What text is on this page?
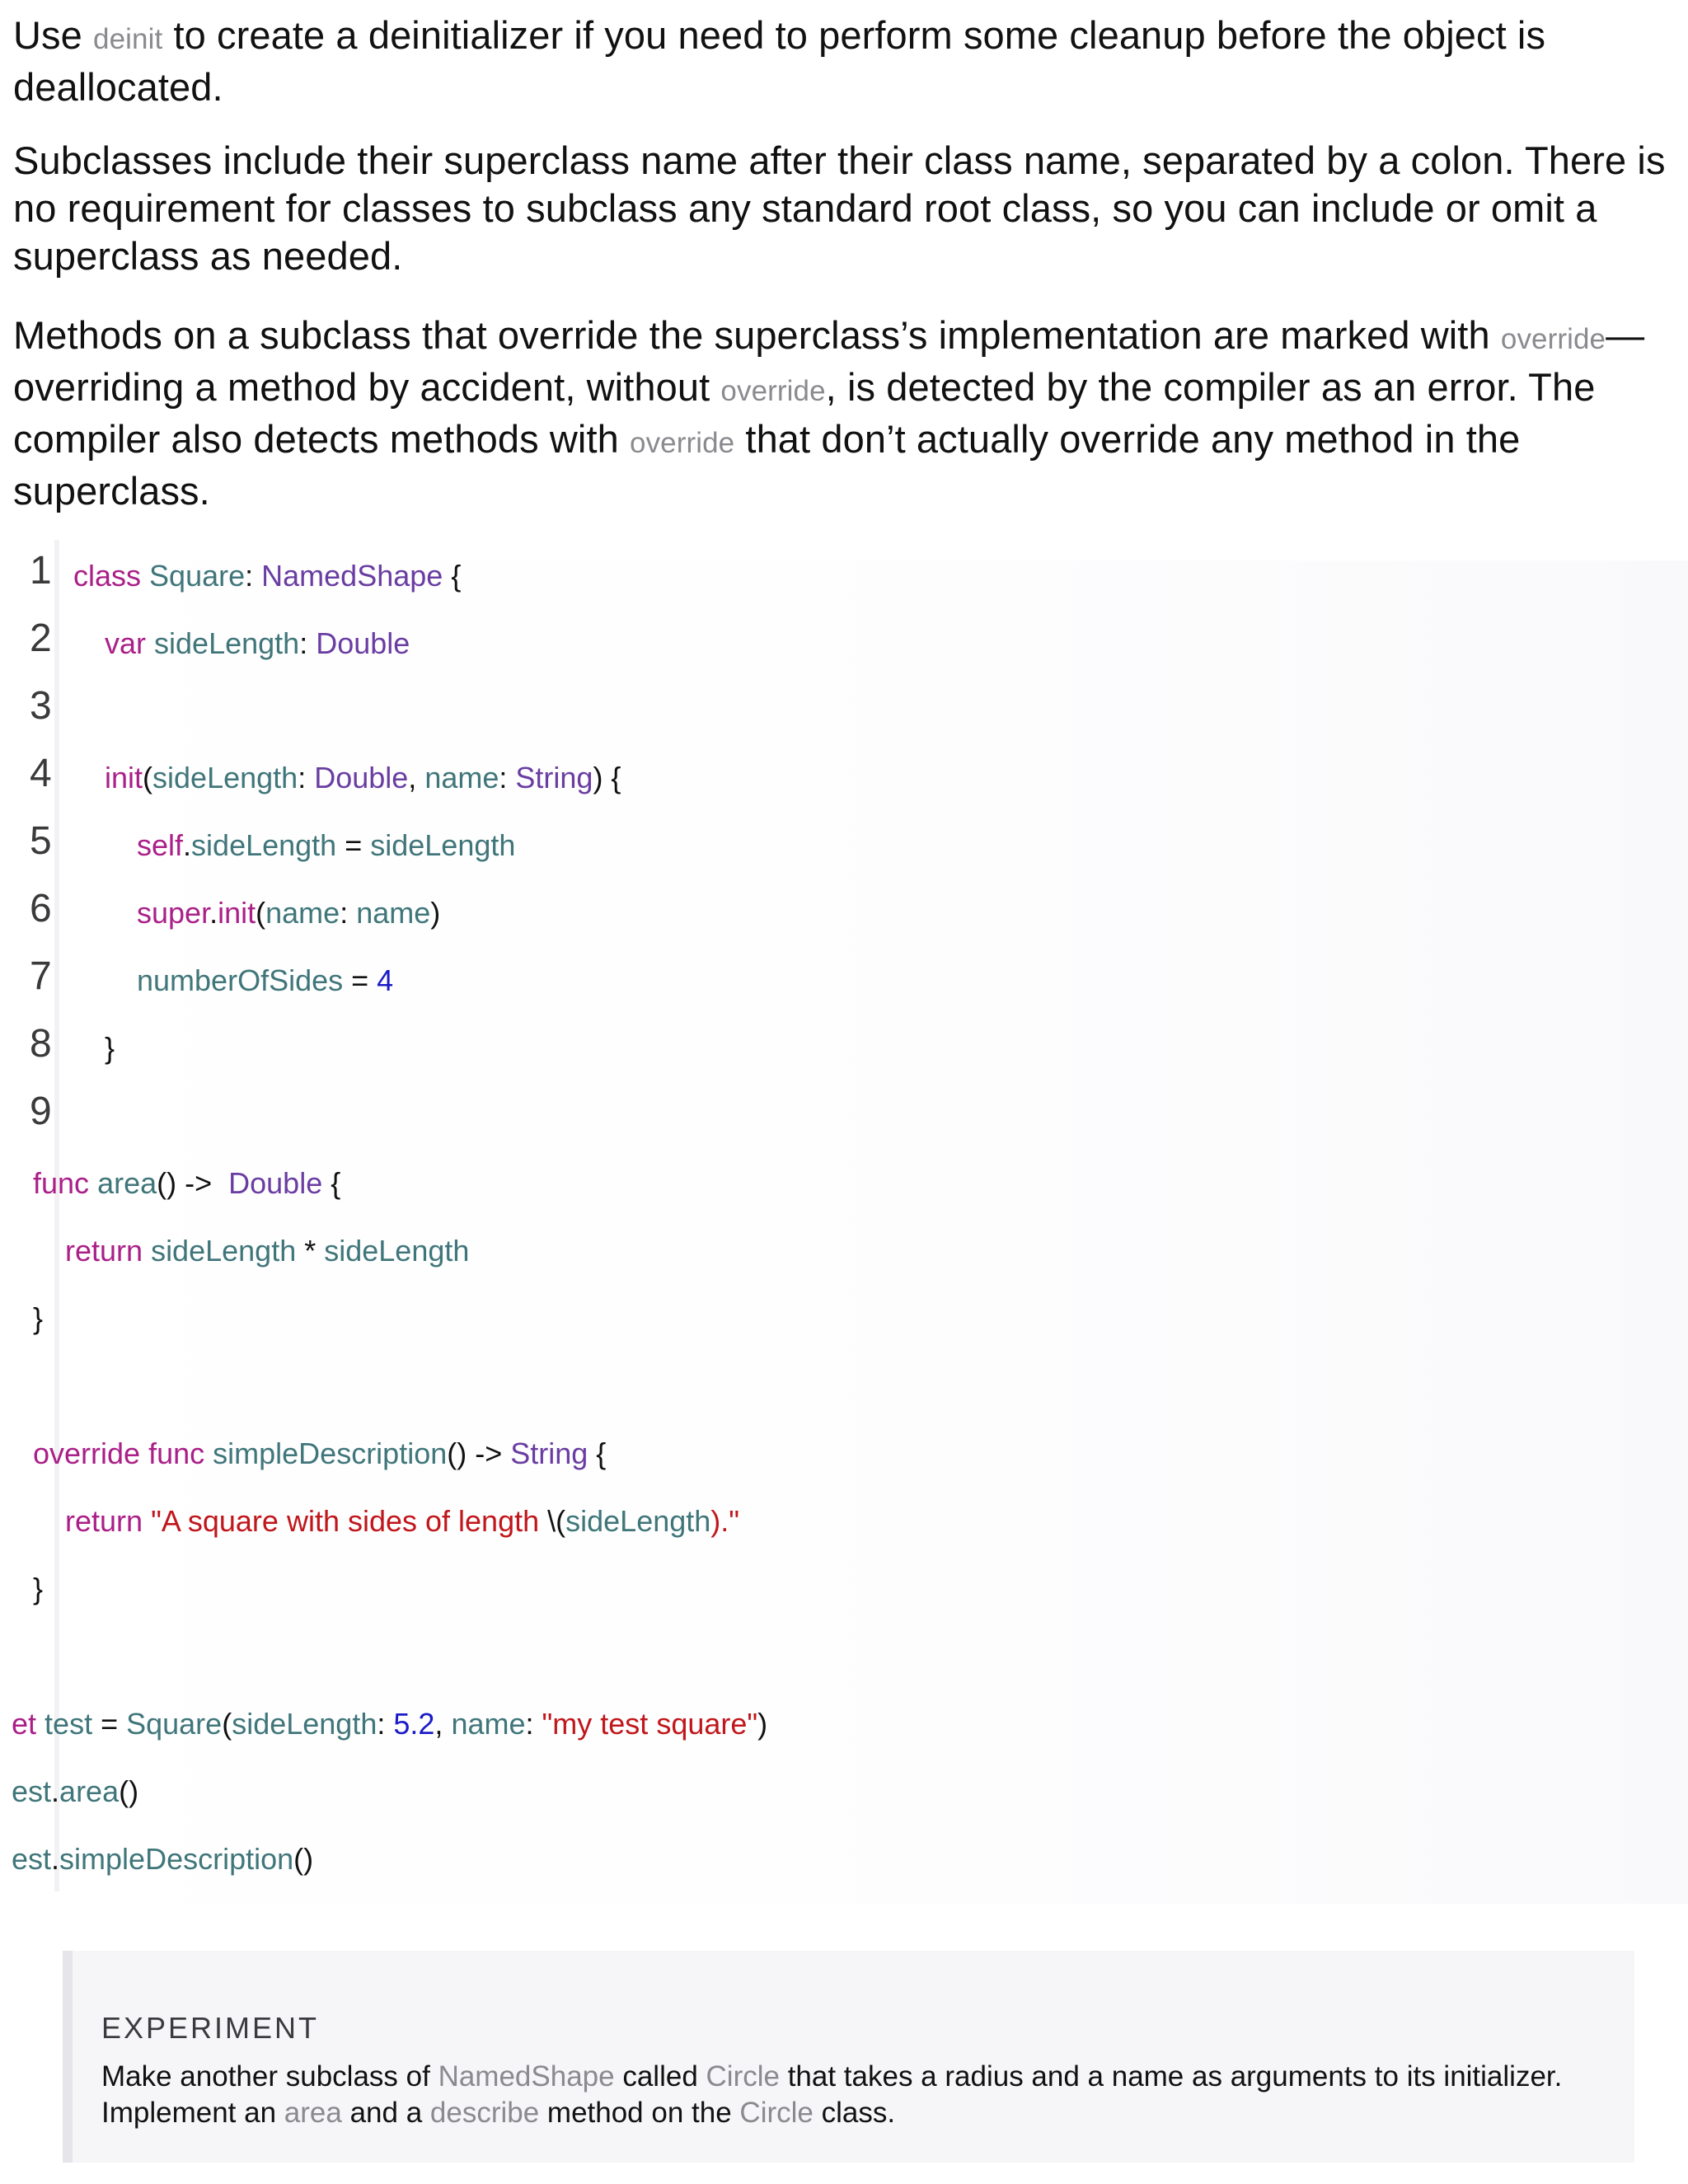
Use deinit to create a deinitializer if you need to perform some cleanup before the object is deallocated.

Subclasses include their superclass name after their class name, separated by a colon. There is no requirement for classes to subclass any standard root class, so you can include or omit a superclass as needed.

Methods on a subclass that override the superclass’s implementation are marked with override—overriding a method by accident, without override, is detected by the compiler as an error. The compiler also detects methods with override that don’t actually override any method in the superclass.

1
2
3
4
5
6
7
8
9
class Square: NamedShape {
var sideLength: Double
init(sideLength: Double, name: String) {
self.sideLength = sideLength
super.init(name: name)
numberOfSides = 4
}
func area() ->  Double {
return sideLength * sideLength
}
override func simpleDescription() -> String {
return "A square with sides of length \(sideLength)."
}
et test = Square(sideLength: 5.2, name: "my test square")
est.area()
est.simpleDescription()
EXPERIMENT

Make another subclass of NamedShape called Circle that takes a radius and a name as arguments to its initializer. Implement an area and a describe method on the Circle class.
